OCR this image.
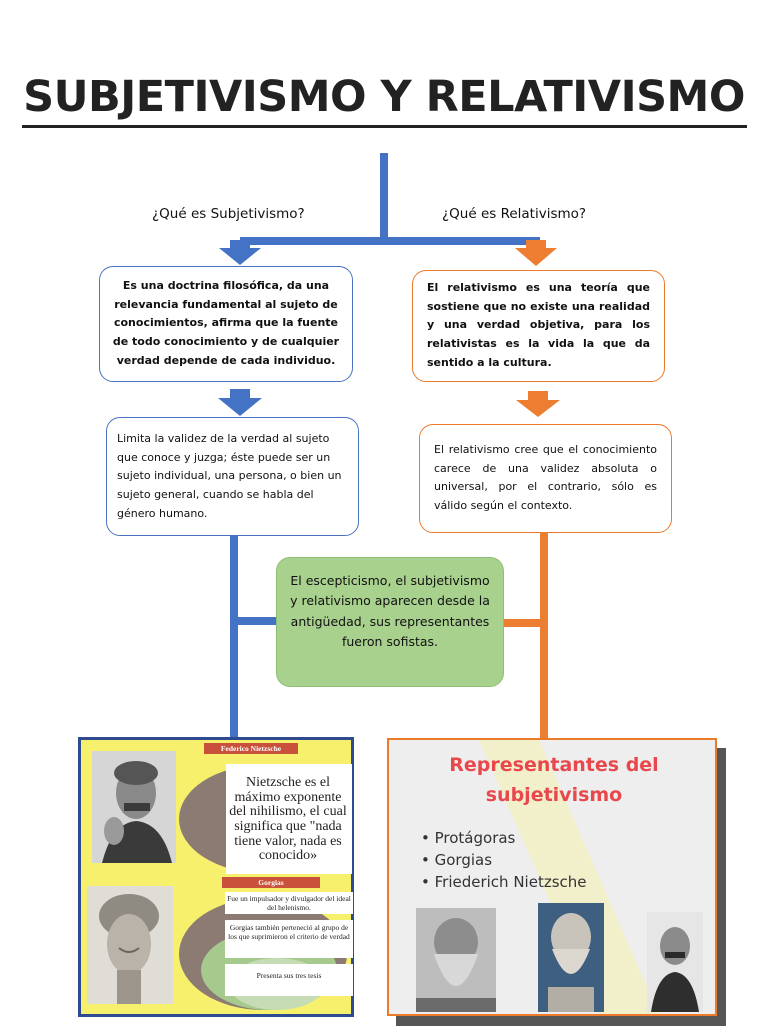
SUBJETIVISMO Y RELATIVISMO
¿Qué es Subjetivismo?	¿Qué es Relativismo?
Es una doctrina filosófica, da una relevancia fundamental al sujeto de conocimientos, afirma que la fuente de todo conocimiento y de cualquier verdad depende de cada individuo.
Limita la validez de la verdad al sujeto que conoce y juzga; éste puede ser un sujeto individual, una persona, o bien un sujeto general, cuando se habla del género humano.
El relativismo es una teoría que sostiene que no existe una realidad y una verdad objetiva, para los relativistas es la vida la que da sentido a la cultura.
El relativismo cree que el conocimiento carece de una validez absoluta o universal, por el contrario, sólo es válido según el contexto.
El escepticismo, el subjetivismo y relativismo aparecen desde la antigüedad, sus representantes fueron sofistas.
Federico Nietzsche
Nietzsche es el máximo exponente del nihilismo, el cual significa que "nada tiene valor, nada es conocido»
Gorgias
Fue un impulsador y divulgador del ideal del helenismo.
Gorgias también perteneció al grupo de los que suprimieron el criterio de verdad
Presenta sus tres tesis
Representantes del subjetivismo
• Protágoras
• Gorgias
• Friederich Nietzsche
